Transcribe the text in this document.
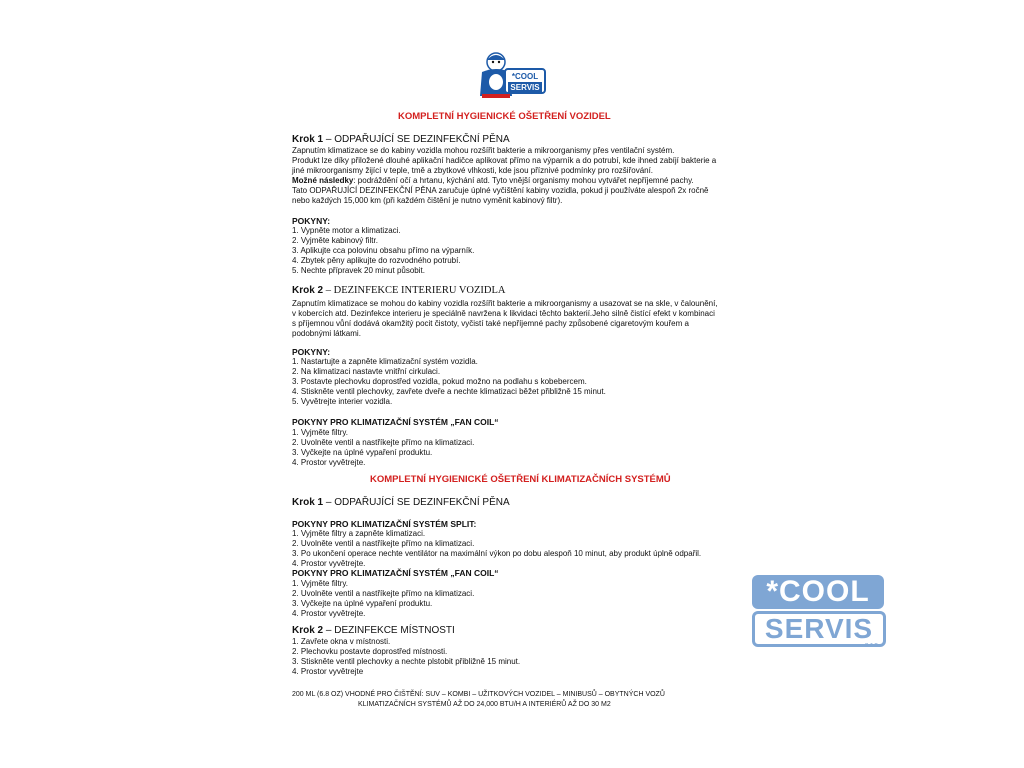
*COOL
SERVIS
KOMPLETNÍ HYGIENICKÉ OŠETŘENÍ VOZIDEL
Krok 1 – ODPAŘUJÍCÍ SE DEZINFEKČNÍ PĚNA
Zapnutím klimatizace se do kabiny vozidla mohou rozšířit bakterie a mikroorganismy přes ventilační systém.
Produkt lze díky přiložené dlouhé aplikační hadičce aplikovat přímo na výparník a do potrubí, kde ihned zabíjí bakterie a
jiné mikroorganismy žijící v teple, tmě a zbytkové vlhkosti, kde jsou příznivé podmínky pro rozšiřování.
Možné následky: podráždění očí a hrtanu, kýchání atd. Tyto vnější organismy mohou vytvářet nepříjemné pachy.
Tato ODPAŘUJÍCÍ DEZINFEKČNÍ PĚNA zaručuje úplné vyčištění kabiny vozidla, pokud ji používáte alespoň 2x ročně
nebo každých 15,000 km (při každém čištění je nutno vyměnit kabinový filtr).
POKYNY:
1. Vypněte motor a klimatizaci.
2. Vyjměte kabinový filtr.
3. Aplikujte cca polovinu obsahu přímo na výparník.
4. Zbytek pěny aplikujte do rozvodného potrubí.
5. Nechte přípravek 20 minut působit.
Krok 2 – DEZINFEKCE INTERIERU VOZIDLA
Zapnutím klimatizace se mohou do kabiny vozidla rozšířit bakterie a mikroorganismy a usazovat se na skle, v čalounění,
v kobercích atd. Dezinfekce interieru je speciálně navržena k likvidaci těchto bakterií.Jeho silně čistící efekt v kombinaci
s příjemnou vůní dodává okamžitý pocit čistoty, vyčistí také nepříjemné pachy způsobené cigaretovým kouřem a
podobnými látkami.
POKYNY:
1. Nastartujte a zapněte klimatizační systém vozidla.
2. Na klimatizaci nastavte vnitřní cirkulaci.
3. Postavte plechovku doprostřed vozidla, pokud možno na podlahu s kobebercem.
4. Stiskněte ventil plechovky, zavřete dveře a nechte klimatizaci běžet přibližně 15 minut.
5. Vyvětrejte interier vozidla.
POKYNY PRO KLIMATIZAČNÍ SYSTÉM „FAN COIL“
1. Vyjměte filtry.
2. Uvolněte ventil a nastříkejte přímo na klimatizaci.
3. Vyčkejte na úplné vypaření produktu.
4. Prostor vyvětrejte.
KOMPLETNÍ HYGIENICKÉ OŠETŘENÍ KLIMATIZAČNÍCH SYSTÉMŮ
Krok 1 – ODPAŘUJÍCÍ SE DEZINFEKČNÍ PĚNA
POKYNY PRO KLIMATIZAČNÍ SYSTÉM SPLIT:
1. Vyjměte filtry a zapněte klimatizaci.
2. Uvolněte ventil a nastříkejte přímo na klimatizaci.
3. Po ukončení operace nechte ventilátor na maximální výkon po dobu alespoň 10 minut, aby produkt úplně odpařil.
4. Prostor vyvětrejte.
POKYNY PRO KLIMATIZAČNÍ SYSTÉM „FAN COIL“
1. Vyjměte filtry.
2. Uvolněte ventil a nastříkejte přímo na klimatizaci.
3. Vyčkejte na úplné vypaření produktu.
4. Prostor vyvětrejte.
Krok 2 – DEZINFEKCE MÍSTNOSTI
1. Zavřete okna v místnosti.
2. Plechovku postavte doprostřed místnosti.
3. Stiskněte ventil plechovky a nechte plstobit přibližně 15 minut.
4. Prostor vyvětrejte
200 ML (6.8 OZ) VHODNÉ PRO ČIŠTĚNÍ: SUV – KOMBI – UŽITKOVÝCH VOZIDEL – MINIBUSŮ – OBYTNÝCH VOZŮ
KLIMATIZAČNÍCH SYSTÉMŮ AŽ DO 24,000 BTU/H A INTERIÉRŮ AŽ DO 30 M2
*COOL
SERVIS
s.r.o.
